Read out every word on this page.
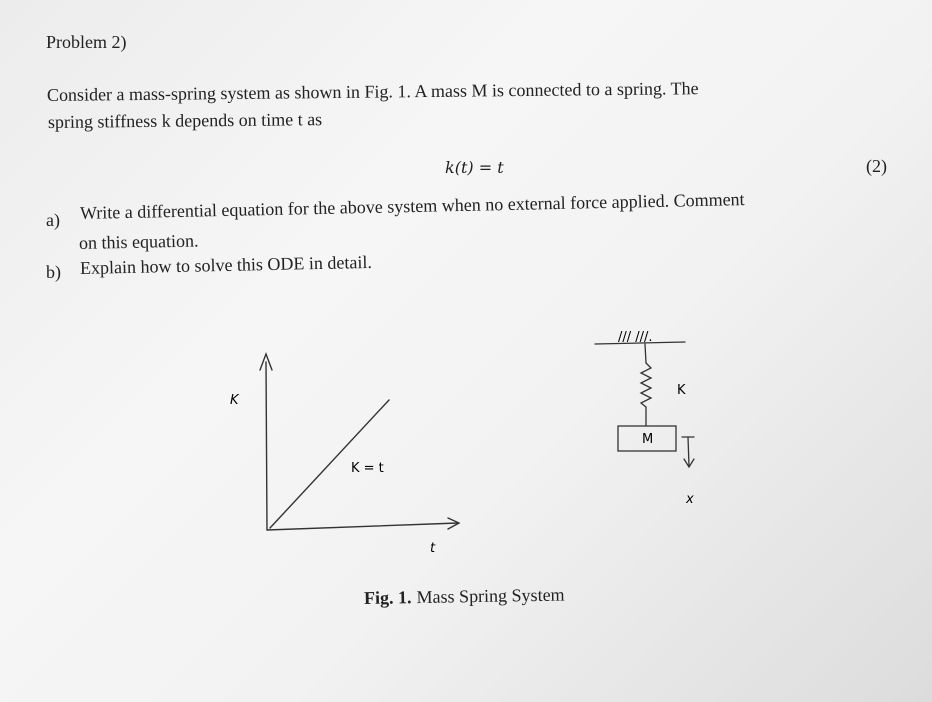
Problem 2)
Consider a mass-spring system as shown in Fig. 1. A mass M is connected to a spring. The
spring stiffness k depends on time t as
k(t) = t	(2)
a) Write a differential equation for the above system when no external force applied. Comment
on this equation.
b) Explain how to solve this ODE in detail.
K
t
K = t
/// ///.
K
M
x
Fig. 1. Mass Spring System
